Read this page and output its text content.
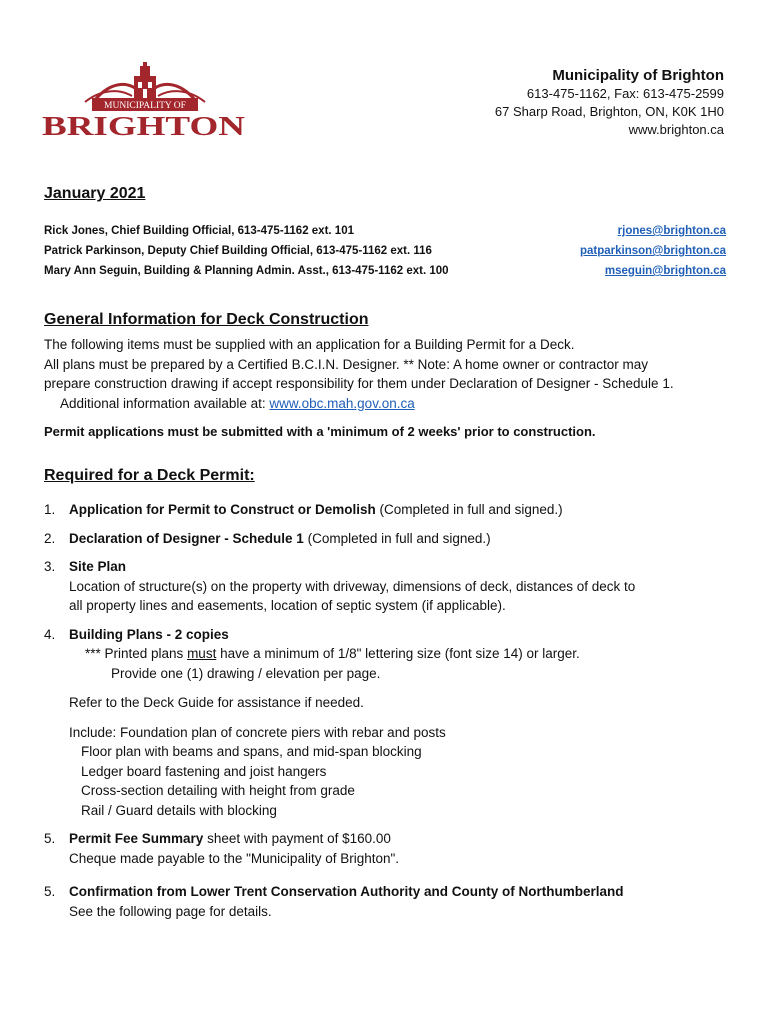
MUNICIPALITY OF
BRIGHTON
Municipality of Brighton
613-475-1162, Fax: 613-475-2599
67 Sharp Road, Brighton, ON, K0K 1H0
www.brighton.ca
January 2021
Rick Jones, Chief Building Official, 613-475-1162 ext. 101	rjones@brighton.ca
Patrick Parkinson, Deputy Chief Building Official, 613-475-1162 ext. 116	patparkinson@brighton.ca
Mary Ann Seguin, Building & Planning Admin. Asst., 613-475-1162 ext. 100	mseguin@brighton.ca
General Information for Deck Construction

The following items must be supplied with an application for a Building Permit for a Deck.

All plans must be prepared by a Certified B.C.I.N. Designer. ** Note: A home owner or contractor may

prepare construction drawing if accept responsibility for them under Declaration of Designer - Schedule 1.

Additional information available at: www.obc.mah.gov.on.ca

Permit applications must be submitted with a 'minimum of 2 weeks' prior to construction.
Required for a Deck Permit:
1. Application for Permit to Construct or Demolish (Completed in full and signed.)

2. Declaration of Designer - Schedule 1 (Completed in full and signed.)

3. Site Plan

Location of structure(s) on the property with driveway, dimensions of deck, distances of deck to

all property lines and easements, location of septic system (if applicable).

4. Building Plans - 2 copies

*** Printed plans must have a minimum of 1/8" lettering size (font size 14) or larger.

Provide one (1) drawing / elevation per page.

Refer to the Deck Guide for assistance if needed.

Include: Foundation plan of concrete piers with rebar and posts

Floor plan with beams and spans, and mid-span blocking

Ledger board fastening and joist hangers

Cross-section detailing with height from grade

Rail / Guard details with blocking

5. Permit Fee Summary sheet with payment of $160.00

Cheque made payable to the "Municipality of Brighton".

5. Confirmation from Lower Trent Conservation Authority and County of Northumberland

See the following page for details.
